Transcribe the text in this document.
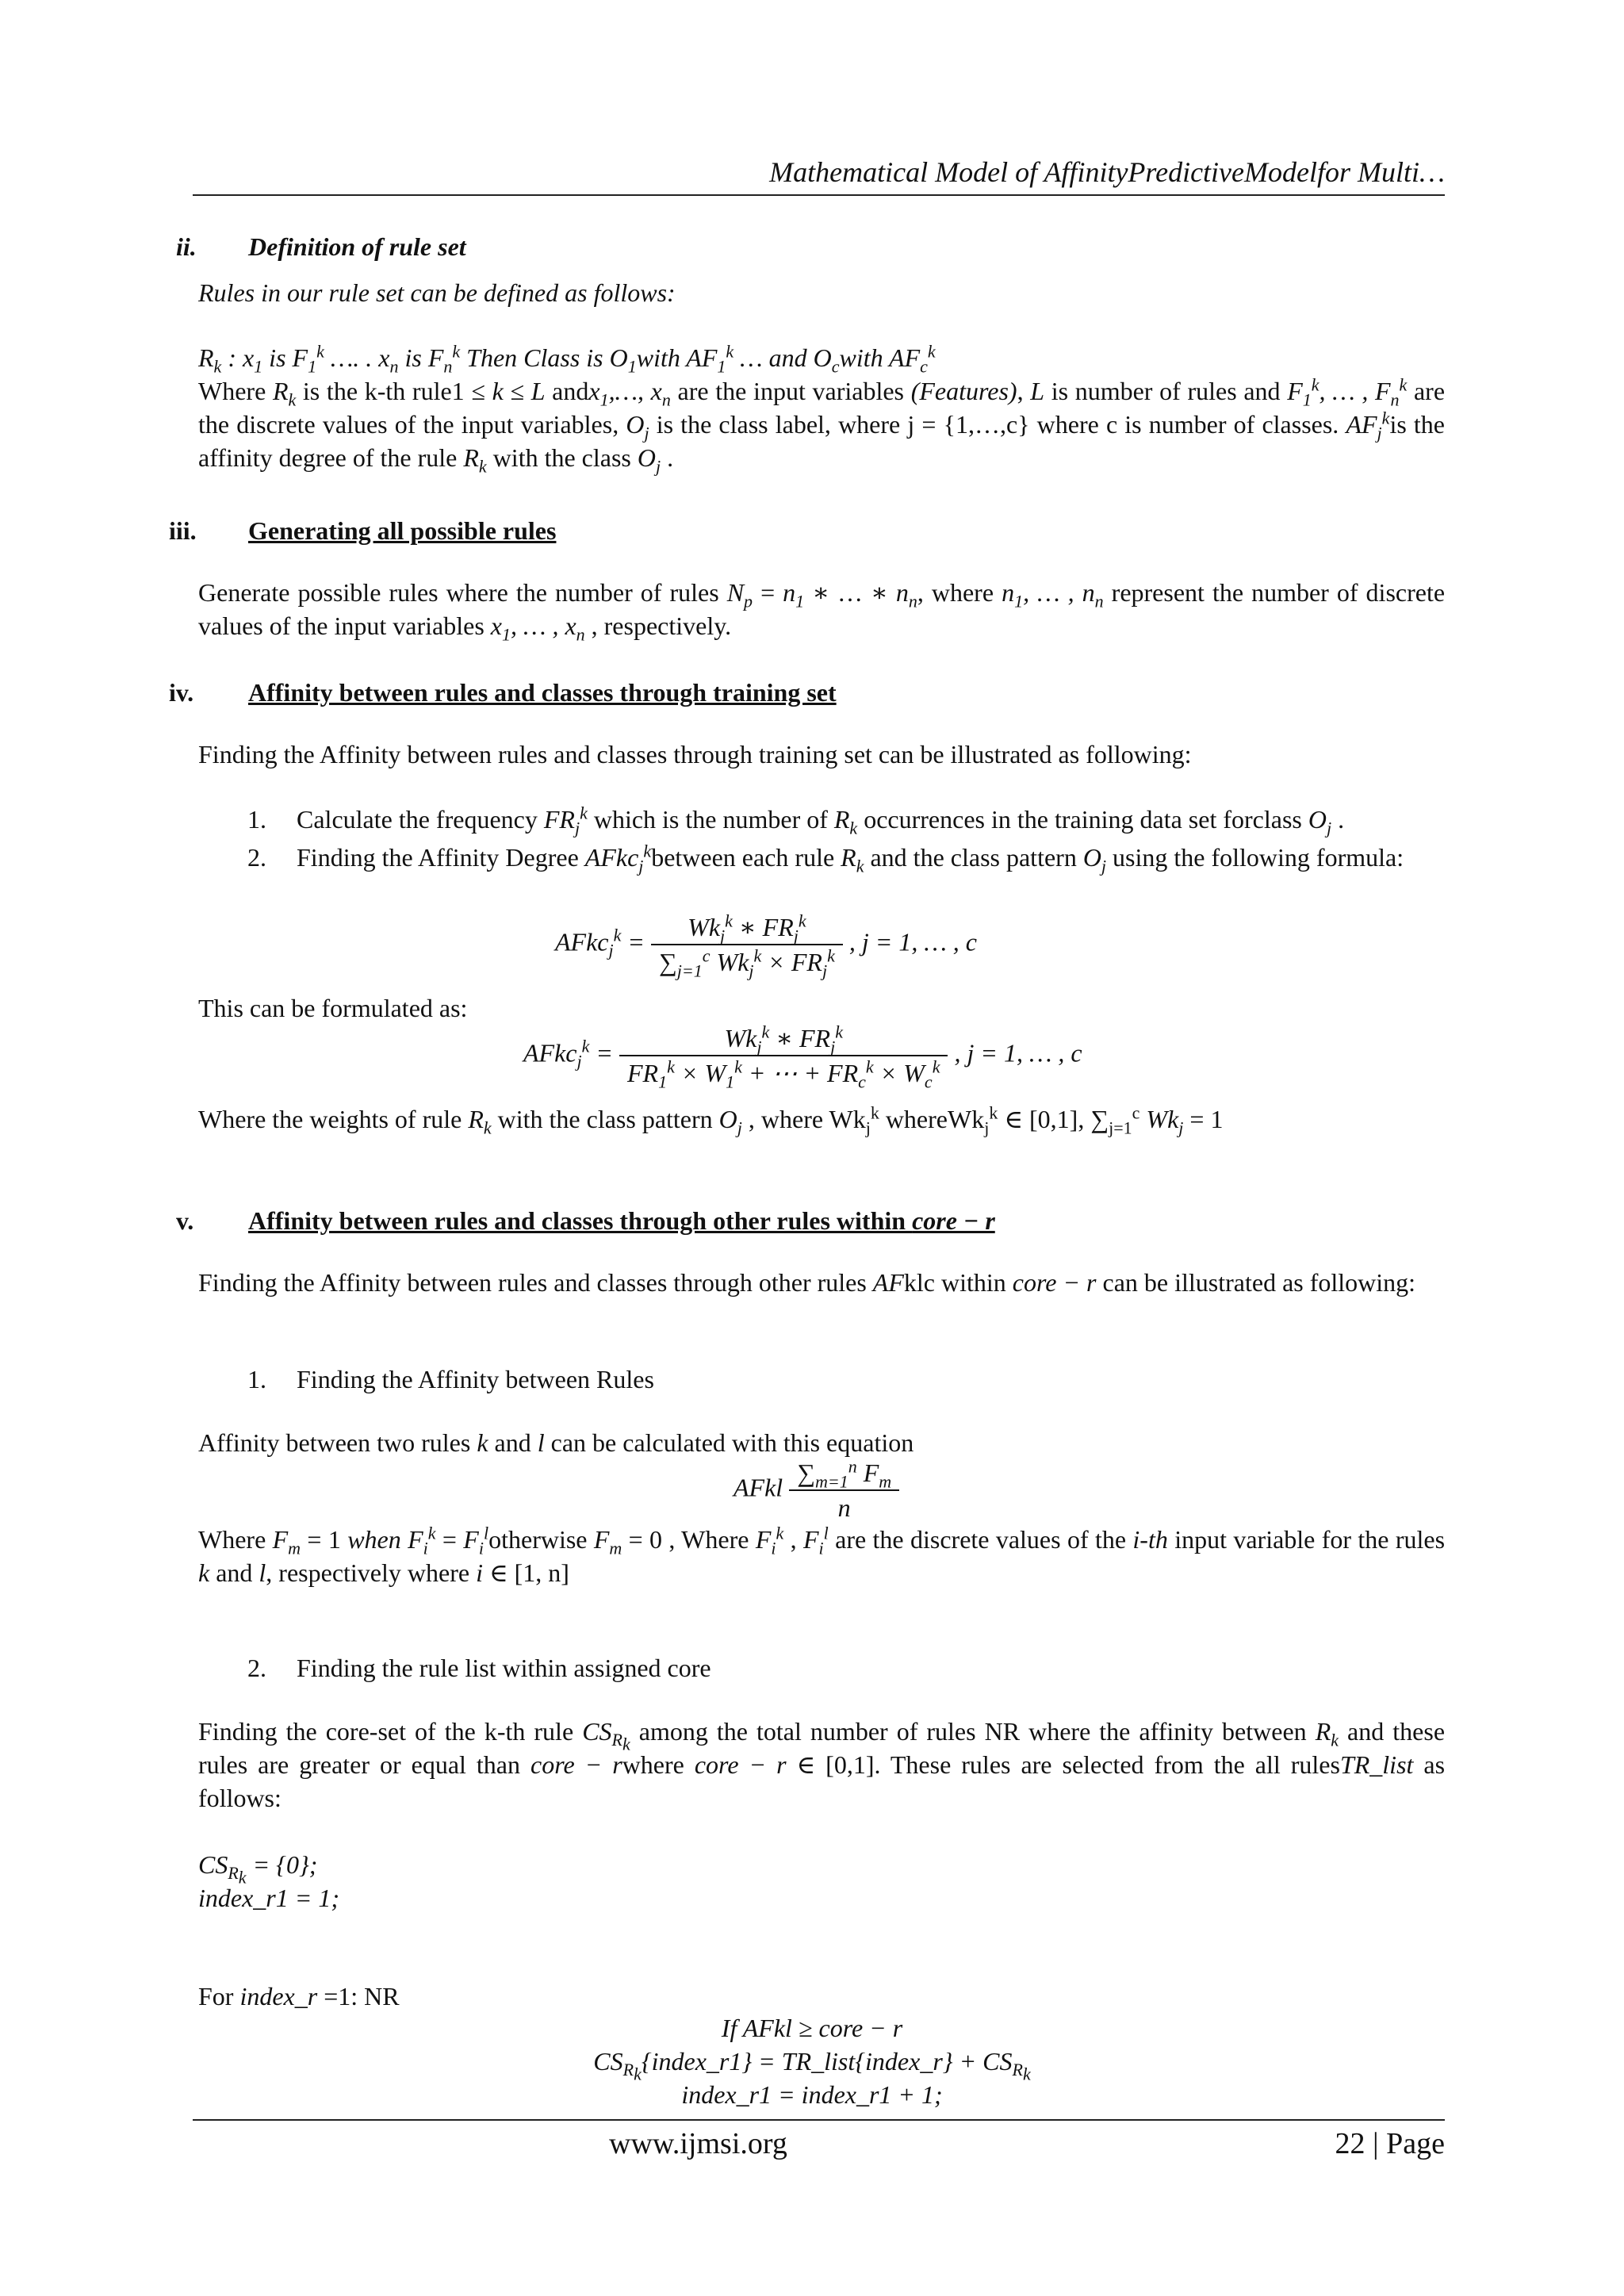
Mathematical Model of AffinityPredictiveModelfor Multi…
ii. Definition of rule set
Rules in our rule set can be defined as follows:
$R_k$ : $x_1$ is $F_1^k$ …. . $x_n$ is $F_n^k$ Then Class is $O_1with$ $AF_1^k$ … and $O_cwith$ $AF_c^k$
Where $R_k$ is the k-th rule1 ≤ k ≤ L andx$_1$,…, $x_n$ are the input variables (Features), L is number of rules and $F_1^k$, … , $F_n^k$ are the discrete values of the input variables, $O_j$ is the class label, where j = {1,…,c} where c is number of classes. $AF_j^kis$ the affinity degree of the rule $R_k$ with the class $O_j$ .
iii. Generating all possible rules
Generate possible rules where the number of rules $N_p = n_1$ ∗ … ∗ $n_n$, where $n_1$, … , $n_n$ represent the number of discrete values of the input variables $x_1$, … , $x_n$ , respectively.
iv. Affinity between rules and classes through training set
Finding the Affinity between rules and classes through training set can be illustrated as following:
1. Calculate the frequency $FR_j^k$ which is the number of $R_k$ occurrences in the training data set forclass $O_j$ .
2. Finding the Affinity Degree AFkc$_j^k$between each rule $R_k$ and the class pattern $O_j$ using the following formula:
AFkc$_j^k$ = $\frac{Wk_j^k ∗ FR_j^k}{\sum_{j=1}^c Wk_j^k \times FR_j^k}$ , j = 1, … , c
This can be formulated as:
AFkc$_j^k$ = $\frac{Wk_j^k ∗ FR_j^k}{FR_1^k \times W_1^k + \cdots + FR_c^k \times W_c^k}$ , j = 1, … , c
Where the weights of rule $R_k$ with the class pattern $O_j$ , where $Wk_j^k$ whereWk$_j^k$ ∈ [0,1], $\sum_{j=1}^c$ $Wk_j = 1$
v. Affinity between rules and classes through other rules within core − r
Finding the Affinity between rules and classes through other rules AFklc within core − r can be illustrated as following:
1. Finding the Affinity between Rules
Affinity between two rules k and l can be calculated with this equation
AFkl $\frac{\sum_{m=1}^n F_m}{n}$
Where $F_m = 1$ when $F_i^k$ = $F_i^lotherwise$ $F_m = 0$ , Where $F_i^k$ , $F_i^l$ are the discrete values of the i-th input variable for the rules k and l, respectively where i ∈ [1, n]
2. Finding the rule list within assigned core
Finding the core-set of the k-th rule $CS_{R_k}$ among the total number of rules NR where the affinity between $R_k$ and these rules are greater or equal than core − rwhere core − r ∈ [0,1]. These rules are selected from the all rulesTR_list as follows:
$CS_{R_k} = \{0\}$;
index_r1 = 1;
For index_r =1: NR
If AFkl ≥ core − r
$CS_{R_k}\{index\_r1\}$ = TR_list{index_r} + $CS_{R_k}$
index_r1 = index_r1 + 1;
www.ijmsi.org	22 | Page
